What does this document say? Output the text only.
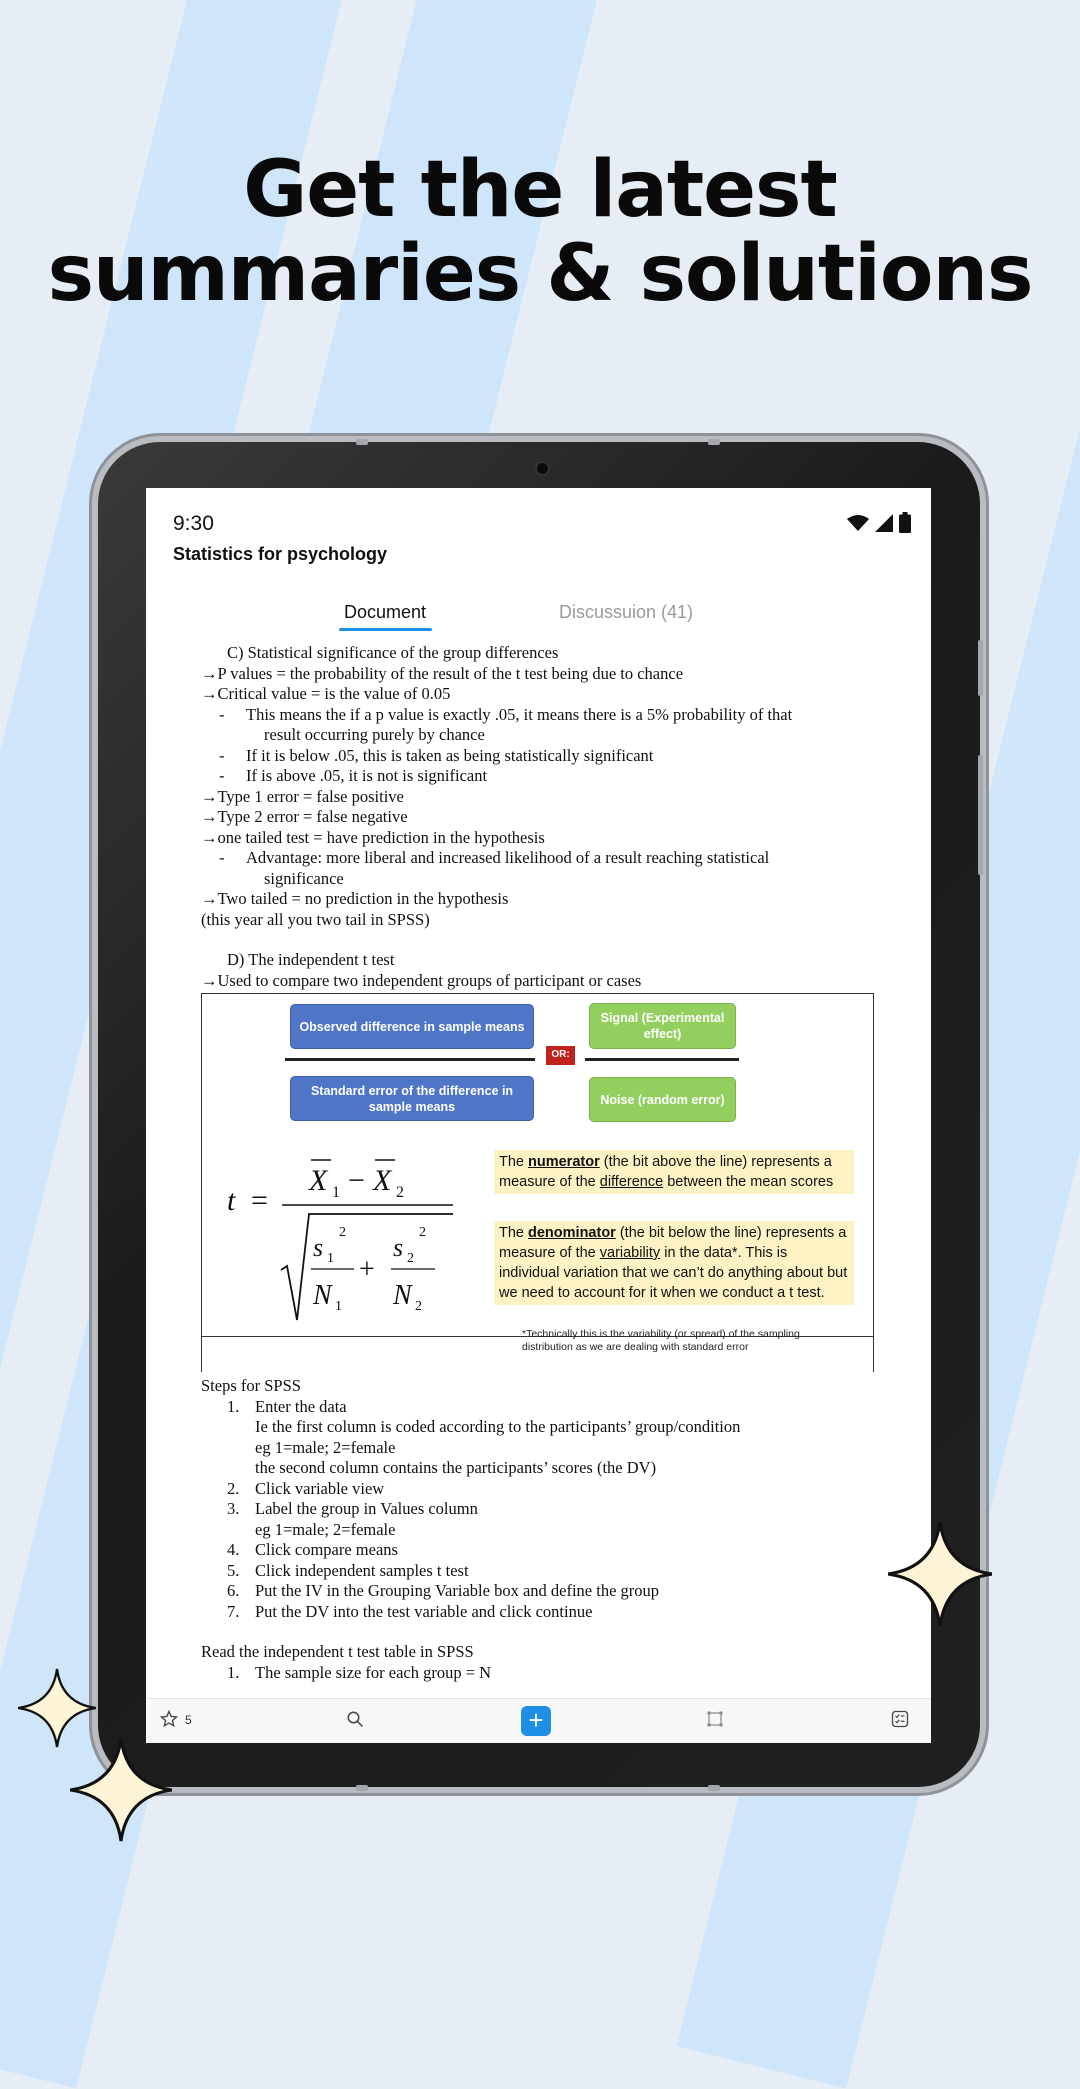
Get the latest
summaries & solutions
9:30
Statistics for psychology
Document	Discussuion (41)

C) Statistical significance of the group differences

→P values = the probability of the result of the t test being due to chance

→Critical value = is the value of 0.05

- This means the if a p value is exactly .05, it means there is a 5% probability of that

result occurring purely by chance

- If it is below .05, this is taken as being statistically significant

- If is above .05, it is not is significant

→Type 1 error = false positive

→Type 2 error = false negative

→one tailed test = have prediction in the hypothesis

- Advantage: more liberal and increased likelihood of a result reaching statistical

significance

→Two tailed = no prediction in the hypothesis

(this year all you two tail in SPSS)

D) The independent t test

→Used to compare two independent groups of participant or cases

Observed difference in sample means
Signal (Experimental effect)
OR:
Standard error of the difference in sample means	Noise (random error)
t =
X 1 − X 2
s 1
2
N 1
+
s 2
2
N 2
The numerator (the bit above the line) represents a measure of the difference between the mean scores
The denominator (the bit below the line) represents a measure of the variability in the data*. This is individual variation that we can’t do anything about but we need to account for it when we conduct a t test.
*Technically this is the variability (or spread) of the sampling distribution as we are dealing with standard error

Steps for SPSS

1. Enter the data

Ie the first column is coded according to the participants’ group/condition

eg 1=male; 2=female

the second column contains the participants’ scores (the DV)

2. Click variable view

3. Label the group in Values column

eg 1=male; 2=female

4. Click compare means

5. Click independent samples t test

6. Put the IV in the Grouping Variable box and define the group

7. Put the DV into the test variable and click continue

Read the independent t test table in SPSS

1. The sample size for each group = N

5	+
